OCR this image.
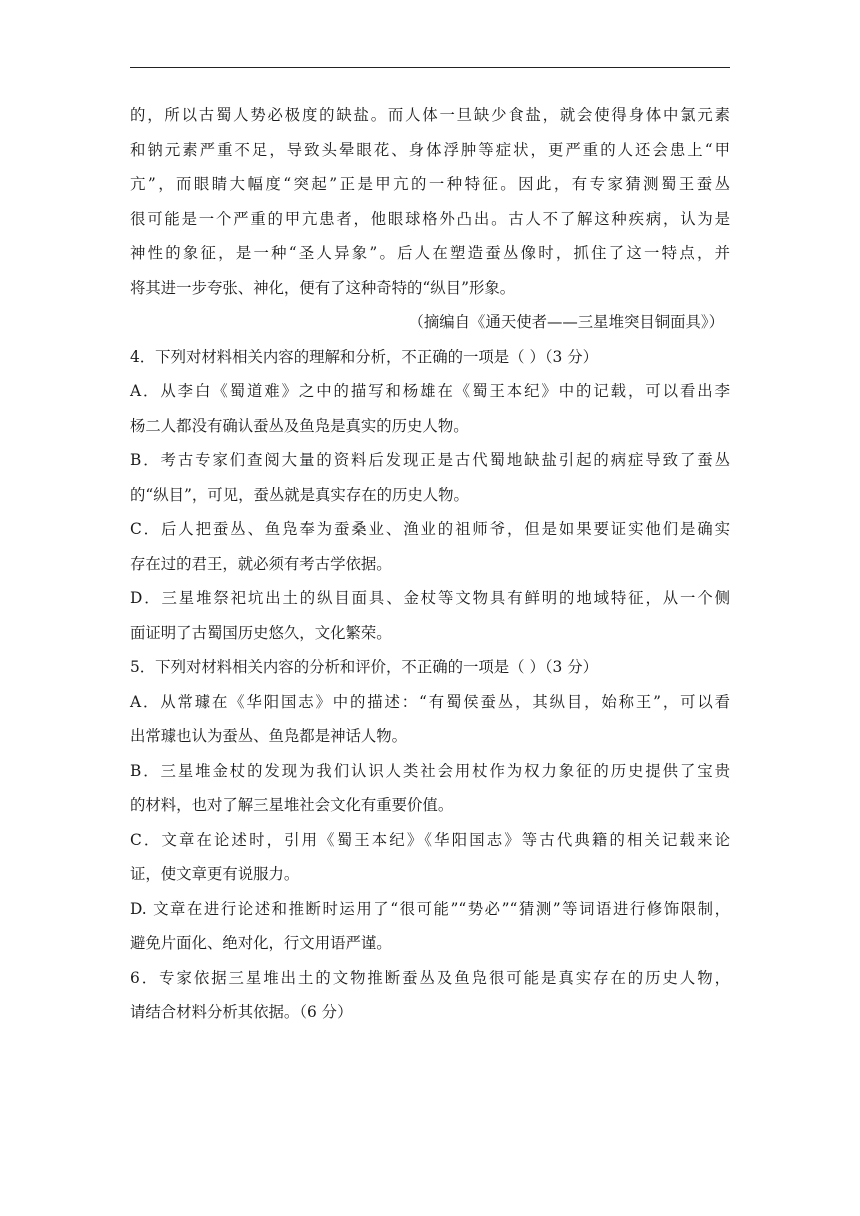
的，所以古蜀人势必极度的缺盐。而人体一旦缺少食盐，就会使得身体中氯元素
和钠元素严重不足，导致头晕眼花、身体浮肿等症状，更严重的人还会患上“甲
亢”，而眼睛大幅度“突起”正是甲亢的一种特征。因此，有专家猜测蜀王蚕丛
很可能是一个严重的甲亢患者，他眼球格外凸出。古人不了解这种疾病，认为是
神性的象征，是一种“圣人异象”。后人在塑造蚕丛像时，抓住了这一特点，并
将其进一步夸张、神化，便有了这种奇特的“纵目”形象。
（摘编自《通天使者——三星堆突目铜面具》）
4．下列对材料相关内容的理解和分析，不正确的一项是（ ）（3 分）
A．从李白《蜀道难》之中的描写和杨雄在《蜀王本纪》中的记载，可以看出李
杨二人都没有确认蚕丛及鱼凫是真实的历史人物。
B．考古专家们查阅大量的资料后发现正是古代蜀地缺盐引起的病症导致了蚕丛
的“纵目”，可见，蚕丛就是真实存在的历史人物。
C．后人把蚕丛、鱼凫奉为蚕桑业、渔业的祖师爷，但是如果要证实他们是确实
存在过的君王，就必须有考古学依据。
D．三星堆祭祀坑出土的纵目面具、金杖等文物具有鲜明的地域特征，从一个侧
面证明了古蜀国历史悠久，文化繁荣。
5．下列对材料相关内容的分析和评价，不正确的一项是（ ）（3 分）
A．从常璩在《华阳国志》中的描述：“有蜀侯蚕丛，其纵目，始称王”，可以看
出常璩也认为蚕丛、鱼凫都是神话人物。
B．三星堆金杖的发现为我们认识人类社会用杖作为权力象征的历史提供了宝贵
的材料，也对了解三星堆社会文化有重要价值。
C．文章在论述时，引用《蜀王本纪》《华阳国志》等古代典籍的相关记载来论
证，使文章更有说服力。
D. 文章在进行论述和推断时运用了“很可能”“势必”“猜测”等词语进行修饰限制，
避免片面化、绝对化，行文用语严谨。
6．专家依据三星堆出土的文物推断蚕丛及鱼凫很可能是真实存在的历史人物，
请结合材料分析其依据。（6 分）
